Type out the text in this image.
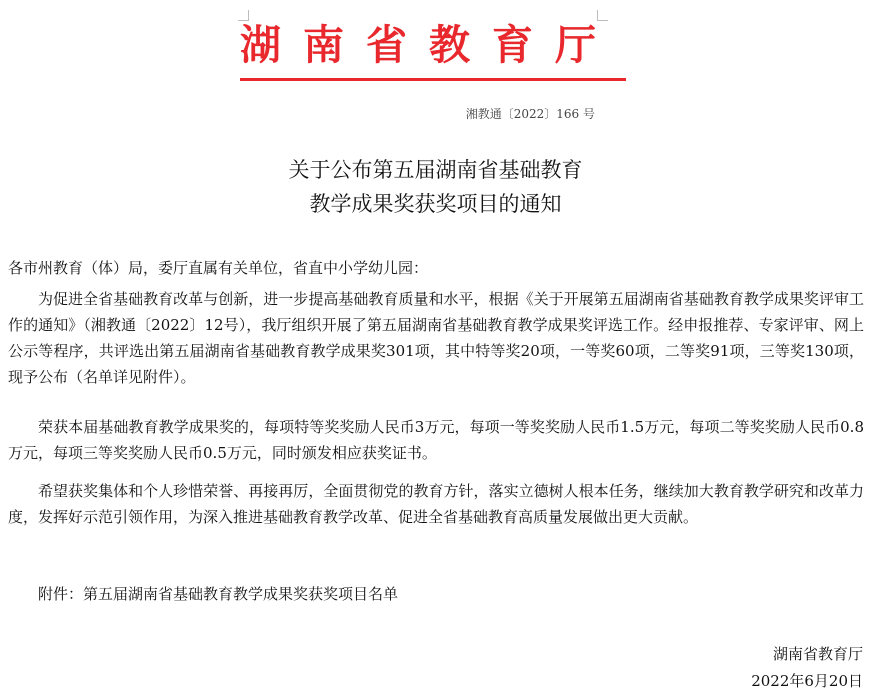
湖南省教育厅
湘教通〔2022〕166 号
关于公布第五届湖南省基础教育
教学成果奖获奖项目的通知
各市州教育（体）局，委厅直属有关单位，省直中小学幼儿园：

为促进全省基础教育改革与创新，进一步提高基础教育质量和水平，根据《关于开展第五届湖南省基础教育教学成果奖评审工作的通知》（湘教通〔2022〕12号），我厅组织开展了第五届湖南省基础教育教学成果奖评选工作。经申报推荐、专家评审、网上公示等程序，共评选出第五届湖南省基础教育教学成果奖301项，其中特等奖20项，一等奖60项，二等奖91项，三等奖130项，现予公布（名单详见附件）。

荣获本届基础教育教学成果奖的，每项特等奖奖励人民币3万元，每项一等奖奖励人民币1.5万元，每项二等奖奖励人民币0.8万元，每项三等奖奖励人民币0.5万元，同时颁发相应获奖证书。

希望获奖集体和个人珍惜荣誉、再接再厉，全面贯彻党的教育方针，落实立德树人根本任务，继续加大教育教学研究和改革力度，发挥好示范引领作用，为深入推进基础教育教学改革、促进全省基础教育高质量发展做出更大贡献。

附件：第五届湖南省基础教育教学成果奖获奖项目名单
湖南省教育厅
2022年6月20日
